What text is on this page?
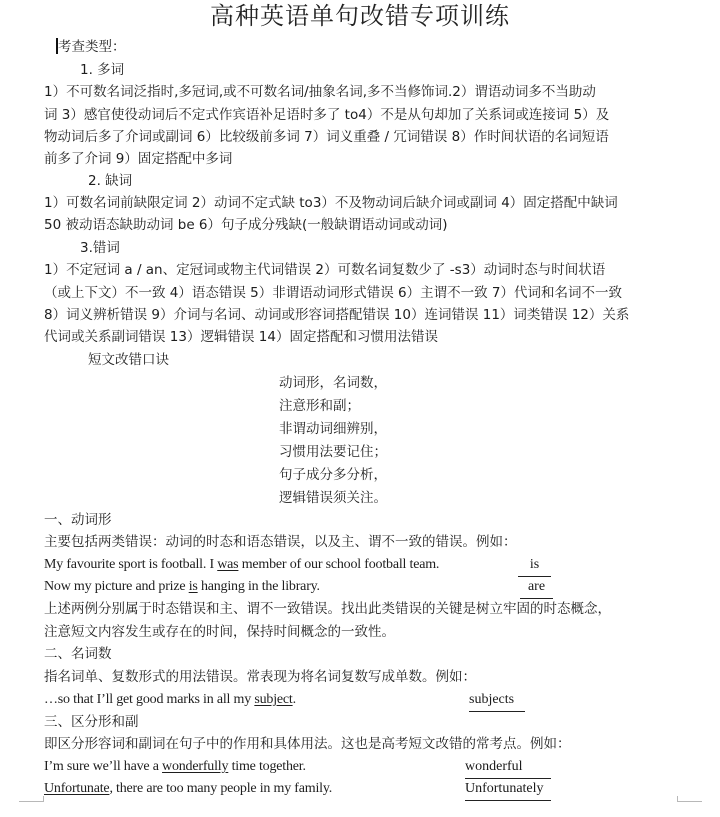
高种英语单句改错专项训练
考查类型：
1. 多词
1）不可数名词泛指时,多冠词,或不可数名词/抽象名词,多不当修饰词.2）谓语动词多不当助动
词 3）感官使役动词后不定式作宾语补足语时多了 to4）不是从句却加了关系词或连接词 5）及
物动词后多了介词或副词 6）比较级前多词 7）词义重叠 / 冗词错误 8）作时间状语的名词短语
前多了介词 9）固定搭配中多词
2. 缺词
1）可数名词前缺限定词 2）动词不定式缺 to3）不及物动词后缺介词或副词 4）固定搭配中缺词
50 被动语态缺助动词 be 6）句子成分残缺(一般缺谓语动词或动词)
3.错词
1）不定冠词 a / an、定冠词或物主代词错误 2）可数名词复数少了 -s3）动词时态与时间状语
（或上下文）不一致 4）语态错误 5）非谓语动词形式错误 6）主谓不一致 7）代词和名词不一致
8）词义辨析错误 9）介词与名词、动词或形容词搭配错误 10）连词错误 11）词类错误 12）关系
代词或关系副词错误 13）逻辑错误 14）固定搭配和习惯用法错误
短文改错口诀
动词形，名词数，
注意形和副；
非谓动词细辨别，
习惯用法要记住；
句子成分多分析，
逻辑错误须关注。
一、动词形
主要包括两类错误：动词的时态和语态错误，以及主、谓不一致的错误。例如：
My favourite sport is football. I was member of our school football team.	is
Now my picture and prize is hanging in the library.	are
上述两例分别属于时态错误和主、谓不一致错误。找出此类错误的关键是树立牢固的时态概念，
注意短文内容发生或存在的时间，保持时间概念的一致性。
二、名词数
指名词单、复数形式的用法错误。常表现为将名词复数写成单数。例如：
…so that I’ll get good marks in all my subject.	subjects
三、区分形和副
即区分形容词和副词在句子中的作用和具体用法。这也是高考短文改错的常考点。例如：
I’m sure we’ll have a wonderfully time together.	wonderful
Unfortunate, there are too many people in my family.	Unfortunately
